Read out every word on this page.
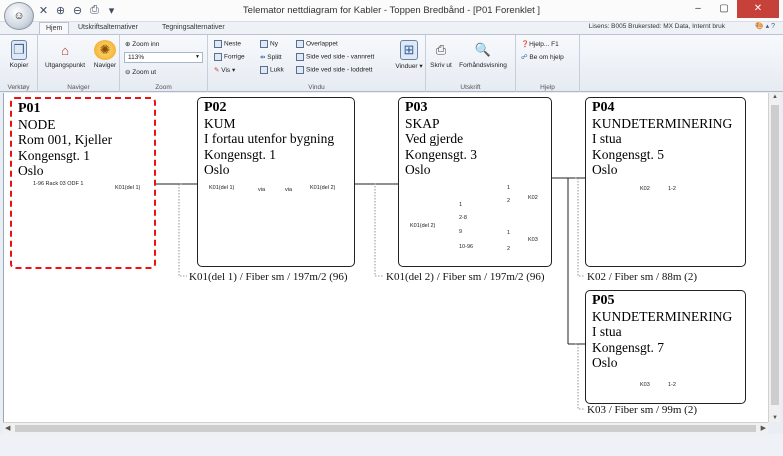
☺ ✕ ⊕ ⊖ ⎙ ▾	Telemator nettdiagram for Kabler - Toppen Bredbånd - [P01 Forenklet ]	‒	▢	✕
Hjem	Utskriftsalternativer	Tegningsalternativer	Lisens: B005 Brukersted: MX Data, Internt bruk	🎨 ▴ ?
❐
Kopier
Verktøy
⌂
Utgangspunkt
✺
Naviger
Naviger
⊕ Zoom inn
113%	▼
⊖ Zoom ut
Zoom
Neste
Forrige
✎ Vis ▾
Ny
⇹ Splitt
Lukk
Overlappet
Side ved side - vannrett
Side ved side - loddrett
⊞
Vinduer ▾
Vindu
⎙
Skriv ut
🔍
Forhåndsvisning
Utskrift
❓Hjelp... F1
☍ Be om hjelp
Hjelp
P01
NODE
Rom 001, Kjeller
Kongensgt. 1
Oslo
1-96 Rack 03 ODF 1
K01(del 1)
P02
KUM
I fortau utenfor bygning
Kongensgt. 1
Oslo
K01(del 1)	via	via	K01(del 2)
P03
SKAP
Ved gjerde
Kongensgt. 3
Oslo
K01(del 2)
1
2	K02
1
2-8
9
10-96
1
2
K03
P04
KUNDETERMINERING
I stua
Kongensgt. 5
Oslo
K02	1-2
P05
KUNDETERMINERING
I stua
Kongensgt. 7
Oslo
K03	1-2
K01(del 1) / Fiber sm / 197m/2 (96)	K01(del 2) / Fiber sm / 197m/2 (96)	K02 / Fiber sm / 88m (2)
K03 / Fiber sm / 99m (2)
▲
▼
◀	▶
